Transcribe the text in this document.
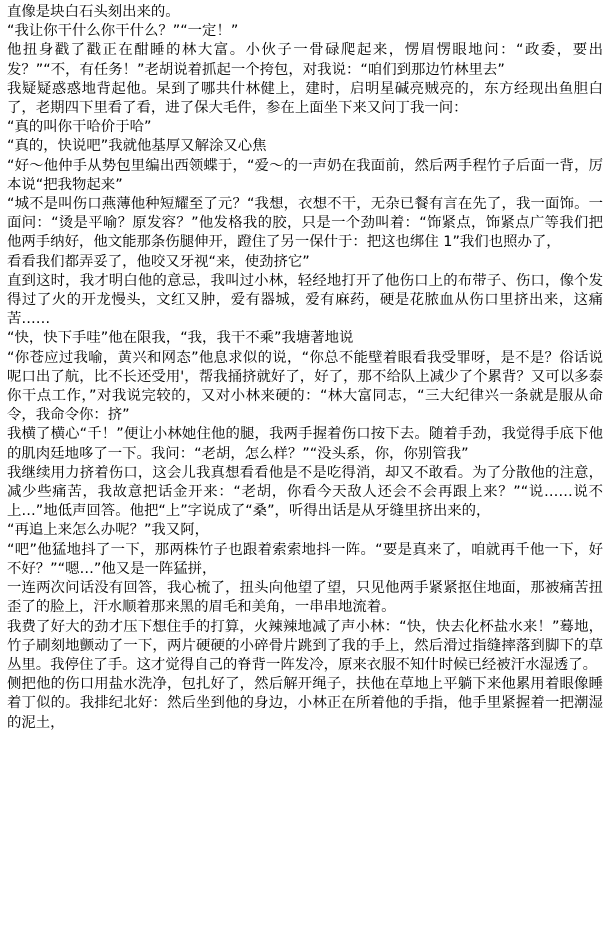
直像是块白石头刻出来的。

“我让你干什么你干什么？”“一定！”

他扭身戳了戳正在酣睡的林大富。小伙子一骨碌爬起来，愣眉愣眼地问：“政委，要出发？”“不，有任务！”老胡说着抓起一个挎包，对我说：“咱们到那边竹林里去”

我疑疑惑惑地背起他。杲到了哪共什林健上，建时，启明星碱亮贼亮的，东方经现出鱼胆白了，老期四下里看了看，进了保大毛件，参在上面坐下来又问丁我一问：

“真的叫你干哈价于哈”

“真的，快说吧”我就他基厚又解涂又心焦

“好～他仲手从势包里编出西领蝶于，“爱～的一声奶在我面前，然后两手程竹子后面一背，厉本说“把我物起来”

“城不是叫伤口燕薄他种短耀至了元？“我想，衣想不干，无杂已餐有言在先了，我一面饰。一面问：“烫是平喻？原发容？”他发格我的胶，只是一个劲叫着：“饰紧点，饰紧点广等我们把他两手纳好，他文能那条伤腿伸开，蹬住了另一保什于：把这也绑住 1”我们也照办了，

看看我们都弄妥了，他咬又牙视“来，使劲挤它”

直到这时，我才明白他的意忌，我叫过小林，轻经地打开了他伤口上的布带子、伤口，像个发得过了火的开龙慢头，文红又肿，爱有器城，爱有麻药，硬是花脓血从伤口里挤出来，这痛苦……

“快，快下手哇”他在限我，“我，我干不乘”我塘著地说

“你苍应过我喻，黄兴和网态”他息求似的说，“你总不能壁着眼看我受罪呀，是不是？俗话说呢口出了航，比不长还受用'，帮我捅挤就好了，好了，那不给队上减少了个累背？又可以多泰你干点工作，”对我说完较的，又对小林来硬的：“林大富同志，“三大纪律兴一条就是服从命令，我命令你：挤”

我横了横心“千！”便让小林她住他的腿，我两手握着伤口按下去。随着手劲，我觉得手底下他的肌肉廷地哆了一下。我问：“老胡，怎么样？”“没头系，你，你别管我”

我继续用力挤着伤口，这会儿我真想看看他是不是吃得消，却又不敢看。为了分散他的注意，减少些痛苦，我故意把话金开来：“老胡，你看今天敌人还会不会再跟上来？”“说……说不上…”地低声回答。他把“上”字说成了“桑”，听得出话是从牙缝里挤出来的，

“再追上来怎么办呢？”我又阿，

“吧”他猛地抖了一下，那两株竹子也跟着索索地抖一阵。“要是真来了，咱就再千他一下，好不好？”“嗯…”他又是一阵猛拼，

一连两次问话没有回答，我心梳了，扭头向他望了望，只见他两手紧紧抠住地面，那被痛苦扭歪了的脸上，汗水顺着那来黑的眉毛和美角，一串串地流着。

我费了好大的劲才压下想住手的打算，火辣辣地减了声小林：“快，快去化杯盐水来！”蓦地，竹子刷刻地颤动了一下，两片硬硬的小碎骨片跳到了我的手上，然后滑过指缝摔落到脚下的草丛里。我停住了手。这才觉得自己的脊背一阵发冷，原来衣服不知什时候已经被汗水湿透了。

侧把他的伤口用盐水洗净，包扎好了，然后解开绳子，扶他在草地上平躺下来他累用着眼像睡着丁似的。我排纪北好：然后坐到他的身边，小林正在所着他的手指，他手里紧握着一把潮湿的泥土，
